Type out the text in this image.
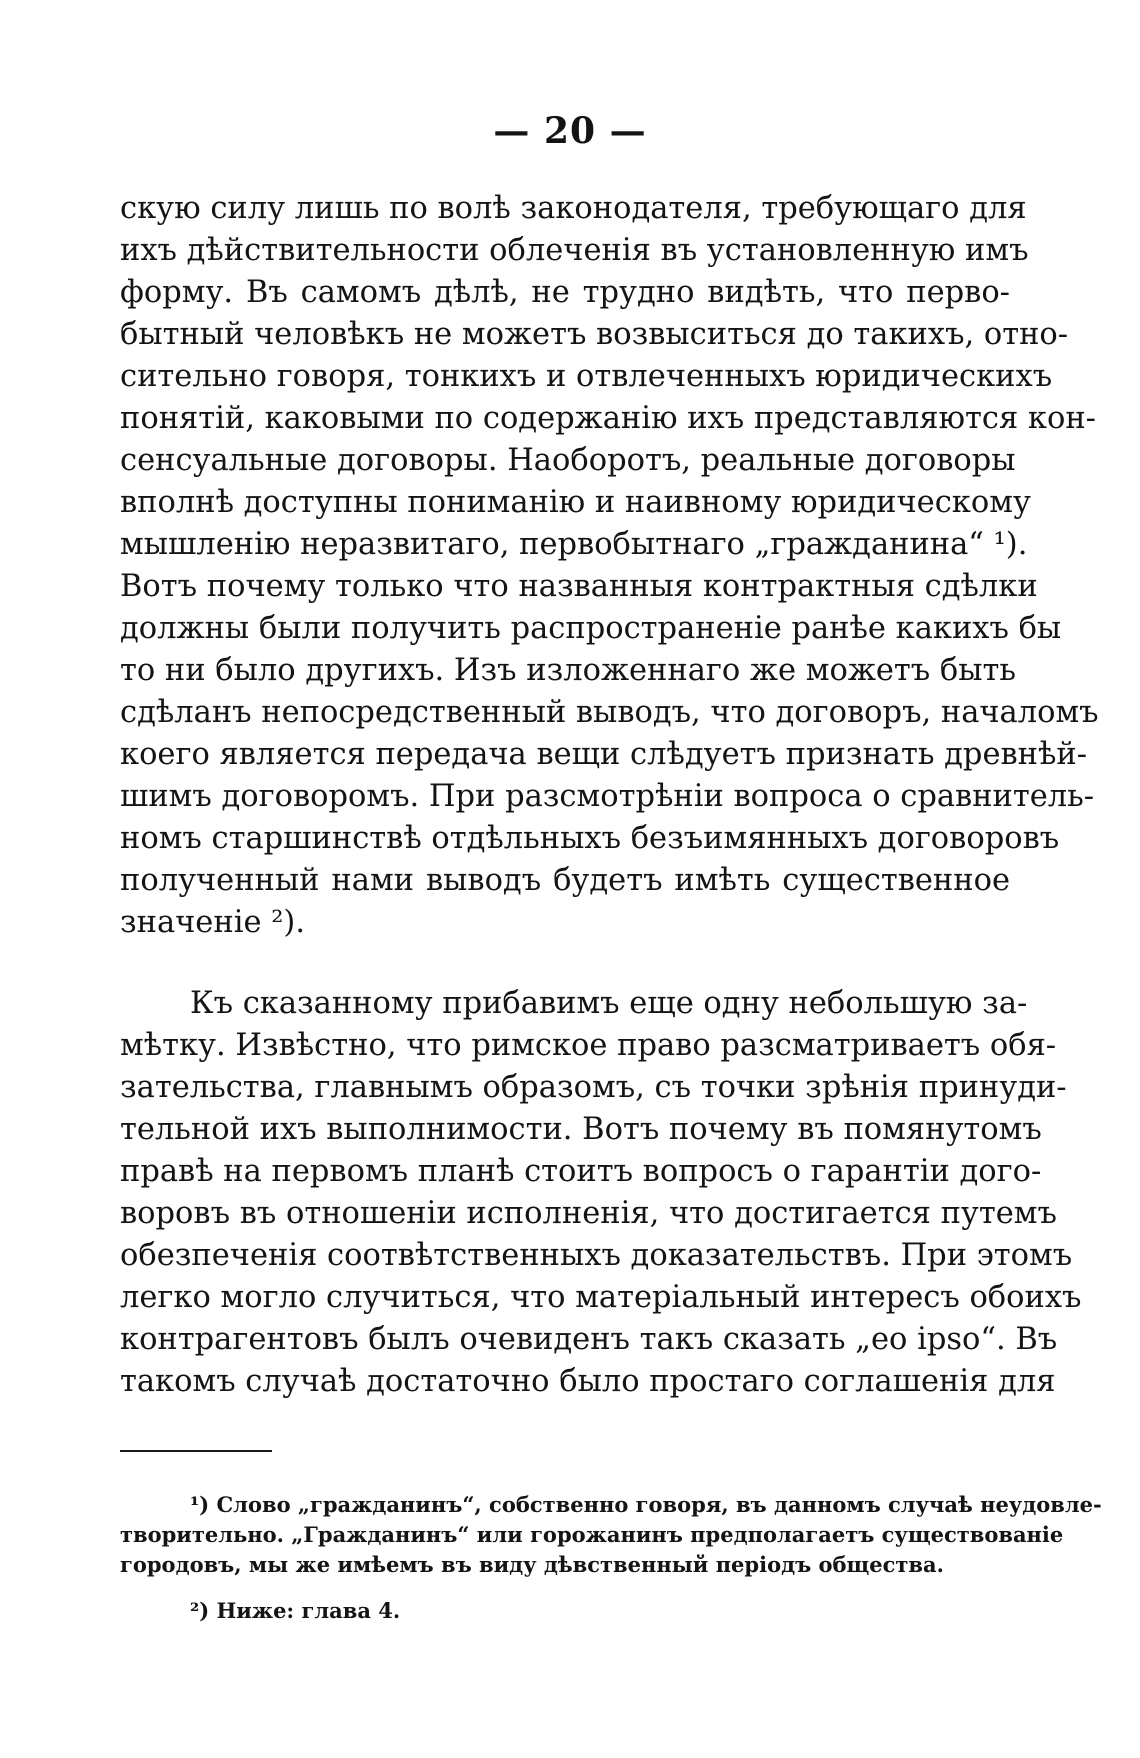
— 20 —
скую силу лишь по волѣ законодателя, требующаго для
ихъ дѣйствительности облеченія въ установленную имъ
форму. Въ самомъ дѣлѣ, не трудно видѣть, что перво-
бытный человѣкъ не можетъ возвыситься до такихъ, отно-
сительно говоря, тонкихъ и отвлеченныхъ юридическихъ
понятій, каковыми по содержанію ихъ представляются кон-
сенсуальные договоры. Наоборотъ, реальные договоры
вполнѣ доступны пониманію и наивному юридическому
мышленію неразвитаго, первобытнаго „гражданина“ ¹).
Вотъ почему только что названныя контрактныя сдѣлки
должны были получить распространеніе ранѣе какихъ бы
то ни было другихъ. Изъ изложеннаго же можетъ быть
сдѣланъ непосредственный выводъ, что договоръ, началомъ
коего является передача вещи слѣдуетъ признать древнѣй-
шимъ договоромъ. При разсмотрѣніи вопроса о сравнитель-
номъ старшинствѣ отдѣльныхъ безъимянныхъ договоровъ
полученный нами выводъ будетъ имѣть существенное
значеніе ²).
Къ сказанному прибавимъ еще одну небольшую за-
мѣтку. Извѣстно, что римское право разсматриваетъ обя-
зательства, главнымъ образомъ, съ точки зрѣнія принуди-
тельной ихъ выполнимости. Вотъ почему въ помянутомъ
правѣ на первомъ планѣ стоитъ вопросъ о гарантіи дого-
воровъ въ отношеніи исполненія, что достигается путемъ
обезпеченія соотвѣтственныхъ доказательствъ. При этомъ
легко могло случиться, что матеріальный интересъ обоихъ
контрагентовъ былъ очевиденъ такъ сказать „eo ipso“. Въ
такомъ случаѣ достаточно было простаго соглашенія для
¹) Слово „гражданинъ“, собственно говоря, въ данномъ случаѣ неудовле-
творительно. „Гражданинъ“ или горожанинъ предполагаетъ существованіе
городовъ, мы же имѣемъ въ виду дѣвственный періодъ общества.
²) Ниже: глава 4.
